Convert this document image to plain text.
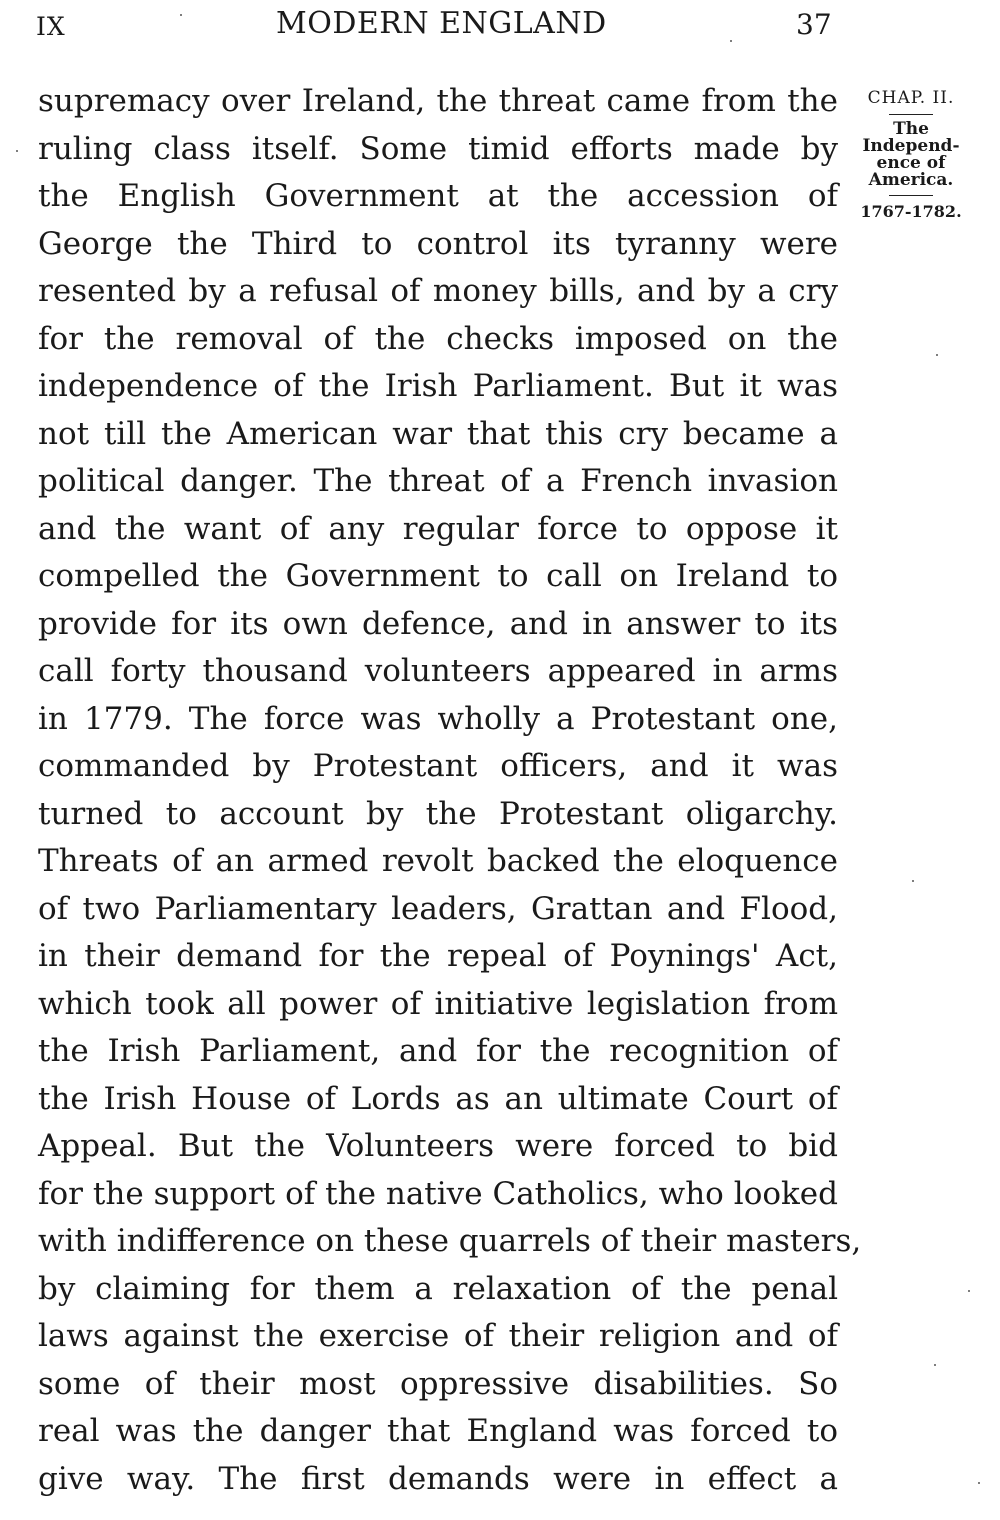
IX	MODERN ENGLAND	37
supremacy over Ireland, the threat came from the
ruling class itself. Some timid efforts made by
the English Government at the accession of
George the Third to control its tyranny were
resented by a refusal of money bills, and by a cry
for the removal of the checks imposed on the
independence of the Irish Parliament. But it was
not till the American war that this cry became a
political danger. The threat of a French invasion
and the want of any regular force to oppose it
compelled the Government to call on Ireland to
provide for its own defence, and in answer to its
call forty thousand volunteers appeared in arms
in 1779. The force was wholly a Protestant one,
commanded by Protestant officers, and it was
turned to account by the Protestant oligarchy.
Threats of an armed revolt backed the eloquence
of two Parliamentary leaders, Grattan and Flood,
in their demand for the repeal of Poynings' Act,
which took all power of initiative legislation from
the Irish Parliament, and for the recognition of
the Irish House of Lords as an ultimate Court of
Appeal. But the Volunteers were forced to bid
for the support of the native Catholics, who looked
with indifference on these quarrels of their masters,
by claiming for them a relaxation of the penal
laws against the exercise of their religion and of
some of their most oppressive disabilities. So
real was the danger that England was forced to
give way. The first demands were in effect a
CHAP. II.
The
Independ-
ence of
America.
1767-1782.
